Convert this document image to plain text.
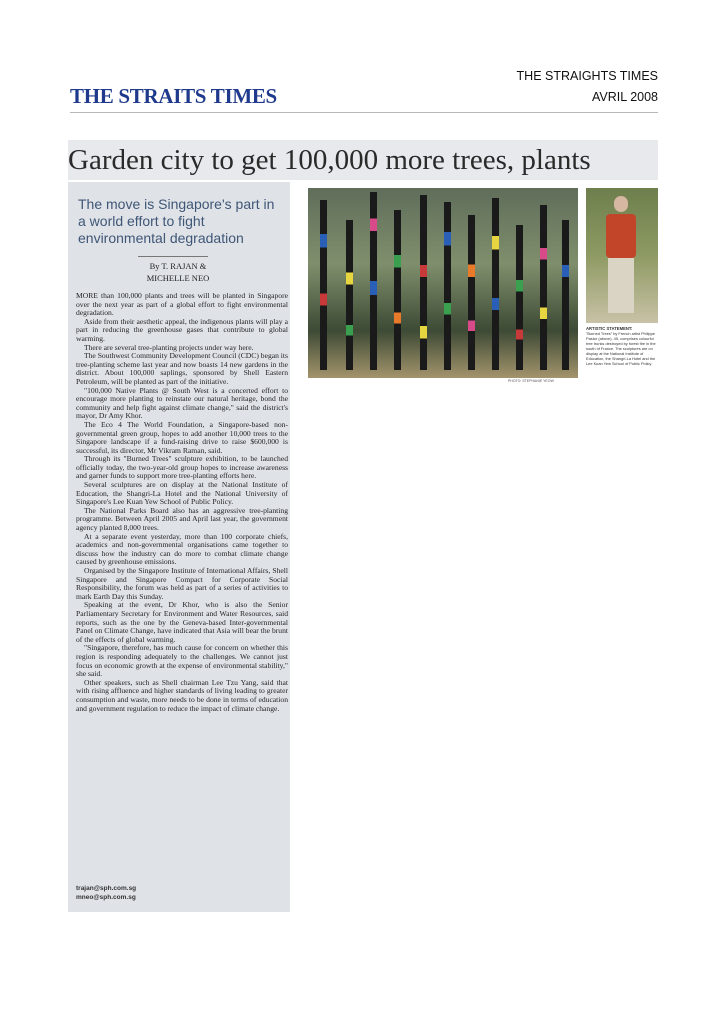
THE STRAITS TIMES
THE STRAIGHTS TIMES
AVRIL 2008
Garden city to get 100,000 more trees, plants
The move is Singapore's part in a world effort to fight environmental degradation
By T. RAJAN &
MICHELLE NEO

MORE than 100,000 plants and trees will be planted in Singapore over the next year as part of a global effort to fight environmental degradation.

Aside from their aesthetic appeal, the indigenous plants will play a part in reducing the greenhouse gases that contribute to global warming.

There are several tree-planting projects under way here.

The Southwest Community Development Council (CDC) began its tree-planting scheme last year and now boasts 14 new gardens in the district. About 100,000 saplings, sponsored by Shell Eastern Petroleum, will be planted as part of the initiative.

"100,000 Native Plants @ South West is a concerted effort to encourage more planting to reinstate our natural heritage, bond the community and help fight against climate change," said the district's mayor, Dr Amy Khor.

The Eco 4 The World Foundation, a Singapore-based non-governmental green group, hopes to add another 10,000 trees to the Singapore landscape if a fund-raising drive to raise $600,000 is successful, its director, Mr Vikram Raman, said.

Through its "Burned Trees" sculpture exhibition, to be launched officially today, the two-year-old group hopes to increase awareness and garner funds to support more tree-planting efforts here.

Several sculptures are on display at the National Institute of Education, the Shangri-La Hotel and the National University of Singapore's Lee Kuan Yew School of Public Policy.

The National Parks Board also has an aggressive tree-planting programme. Between April 2005 and April last year, the government agency planted 8,000 trees.

At a separate event yesterday, more than 100 corporate chiefs, academics and non-governmental organisations came together to discuss how the industry can do more to combat climate change caused by greenhouse emissions.

Organised by the Singapore Institute of International Affairs, Shell Singapore and Singapore Compact for Corporate Social Responsibility, the forum was held as part of a series of activities to mark Earth Day this Sunday.

Speaking at the event, Dr Khor, who is also the Senior Parliamentary Secretary for Environment and Water Resources, said reports, such as the one by the Geneva-based Inter-governmental Panel on Climate Change, have indicated that Asia will bear the brunt of the effects of global warming.

"Singapore, therefore, has much cause for concern on whether this region is responding adequately to the challenges. We cannot just focus on economic growth at the expense of environmental stability," she said.

Other speakers, such as Shell chairman Lee Tzu Yang, said that with rising affluence and higher standards of living leading to greater consumption and waste, more needs to be done in terms of education and government regulation to reduce the impact of climate change.

trajan@sph.com.sg
mneo@sph.com.sg
PHOTO: STEPHANIE YEOW
ARTISTIC STATEMENT:
"Burned Trees" by French artist Philippe Pastor (above), 45, comprises colourful tree trunks destroyed by forest fire in the south of France. The sculptures are on display at the National Institute of Education, the Shangri-La Hotel and the Lee Kuan Yew School of Public Policy.
